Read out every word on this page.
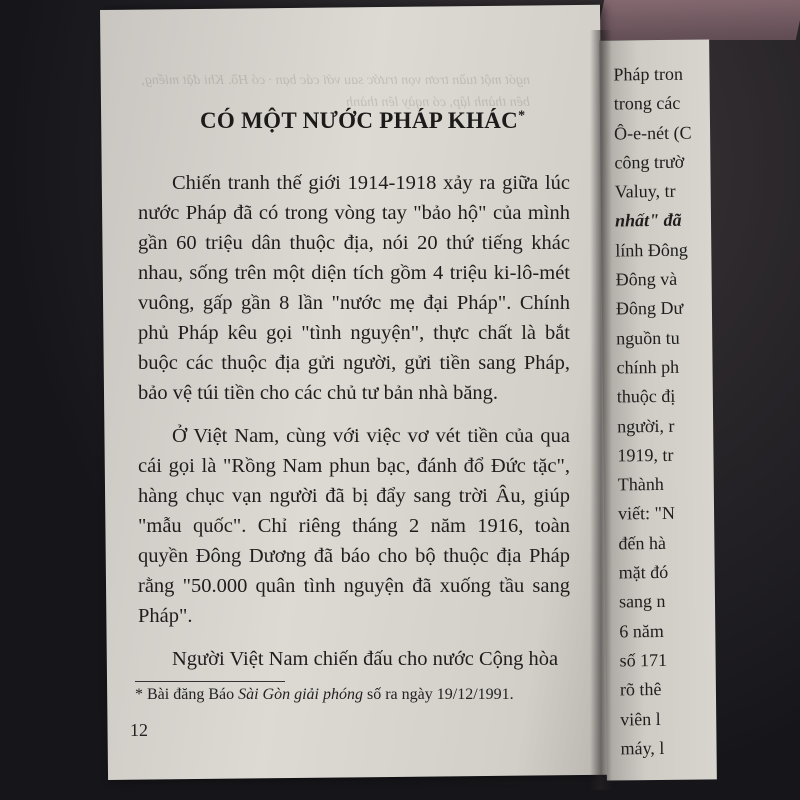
ngót một tuần trơn vọn trước sau với các bạn · có Hồ. Khi đặt miếng, bên thành lập, có ngày lên thành
CÓ MỘT NƯỚC PHÁP KHÁC*

Chiến tranh thế giới 1914-1918 xảy ra giữa lúc nước Pháp đã có trong vòng tay "bảo hộ" của mình gần 60 triệu dân thuộc địa, nói 20 thứ tiếng khác nhau, sống trên một diện tích gồm 4 triệu ki-lô-mét vuông, gấp gần 8 lần "nước mẹ đại Pháp". Chính phủ Pháp kêu gọi "tình nguyện", thực chất là bắt buộc các thuộc địa gửi người, gửi tiền sang Pháp, bảo vệ túi tiền cho các chủ tư bản nhà băng.

Ở Việt Nam, cùng với việc vơ vét tiền của qua cái gọi là "Rồng Nam phun bạc, đánh đổ Đức tặc", hàng chục vạn người đã bị đẩy sang trời Âu, giúp "mẫu quốc". Chỉ riêng tháng 2 năm 1916, toàn quyền Đông Dương đã báo cho bộ thuộc địa Pháp rằng "50.000 quân tình nguyện đã xuống tầu sang Pháp".

Người Việt Nam chiến đấu cho nước Cộng hòa

* Bài đăng Báo Sài Gòn giải phóng số ra ngày 19/12/1991.
12
Pháp tron
trong các
Ô-e-nét (C
công trườ
Valuy, tr
nhất" đã
lính Đông
Đông và
Đông Dư
nguồn tu
chính ph
thuộc đị
người, r
1919, tr
Thành
viết: "N
đến hà
mặt đó
sang n
6 năm
số 171
rõ thê
viên l
máy, l
